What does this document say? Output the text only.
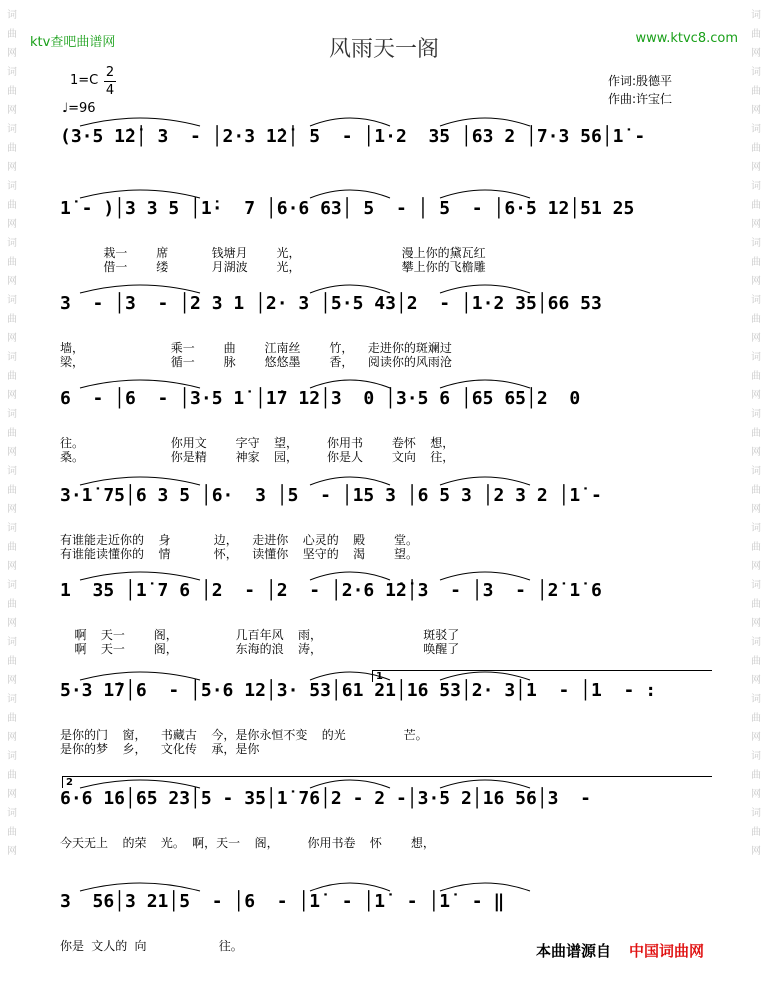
词
曲
网
词
曲
网
词
曲
网
词
曲
网
词
曲
网
词
曲
网
词
曲
网
词
曲
网
词
曲
网
词
曲
网
词
曲
网
词
曲
网
词
曲
网
词
曲
网
词
曲
网
词
曲
网
词
曲
网
词
曲
网
词
曲
网
词
曲
网
词
曲
网
词
曲
网
词
曲
网
词
曲
网
词
曲
网
词
曲
网
词
曲
网
词
曲
网
词
曲
网
词
曲
网
ktv查吧曲谱网	www.ktvc8.com
风雨天一阁
1=C
2
4
♩=96
作词:殷德平
作曲:许宝仁
(3·5 1̇2̇│ 3  - │2·3 1̇2̇│ 5  - │1·2  35 │63 2 │7·3 56│1̇ -
1̇ - )│3 3 5 │1̇·  7 │6·6 63│ 5  - │ 5  - │6·5 12│51 25
栽一    席      钱塘月    光，              漫上你的黛瓦红
借一    缕      月湖波    光，              攀上你的飞檐雕
3  - │3  - │2 3 1 │2· 3 │5·5 43│2  - │1·2 35│66 53
墙，            乘一    曲    江南丝    竹，  走进你的斑斓过
梁，            循一    脉    悠悠墨    香，  阅读你的风雨沧
6  - │6  - │3·5 1̇ │1̇7 12│3  0 │3·5 6 │65 65│2  0
往。            你用文    字守  望，    你用书    卷怀  想，
桑。            你是精    神家  园，    你是人    文向  往，
3·1̇ 75│6 3 5 │6·  3 │5  - │15 3 │6 5 3 │2 3 2 │1̇ -
有谁能走近你的  身      边，  走进你  心灵的  殿    堂。
有谁能读懂你的  情      怀，  读懂你  坚守的  渴    望。
1  35 │1̇ 7 6 │2  - │2  - │2·6 1̇2̇│3  - │3  - │2̇ 1̇ 6
啊  天一    阁，        几百年风  雨，              斑驳了
啊  天一    阁，        东海的浪  涛，              唤醒了
5·3 1̇7│6  - │5·6 12│3· 53│61 21│16 53│2· 3│1  - │1  - :
是你的门  窗，  书藏古  今，是你永恒不变  的光        芒。
是你的梦  乡，  文化传  承，是你
6·6 16│65 23│5 - 35│1̇ 76│2 - 2 -│3·5 2│16 56│3  -
今天无上  的荣  光。 啊，天一  阁，    你用书卷  怀    想，
3  56│3 21│5  - │6  - │1̇  - │1̇  - │1̇  - ‖
你是 文人的 向          往。	本曲谱源自 中国词曲网
1
2
